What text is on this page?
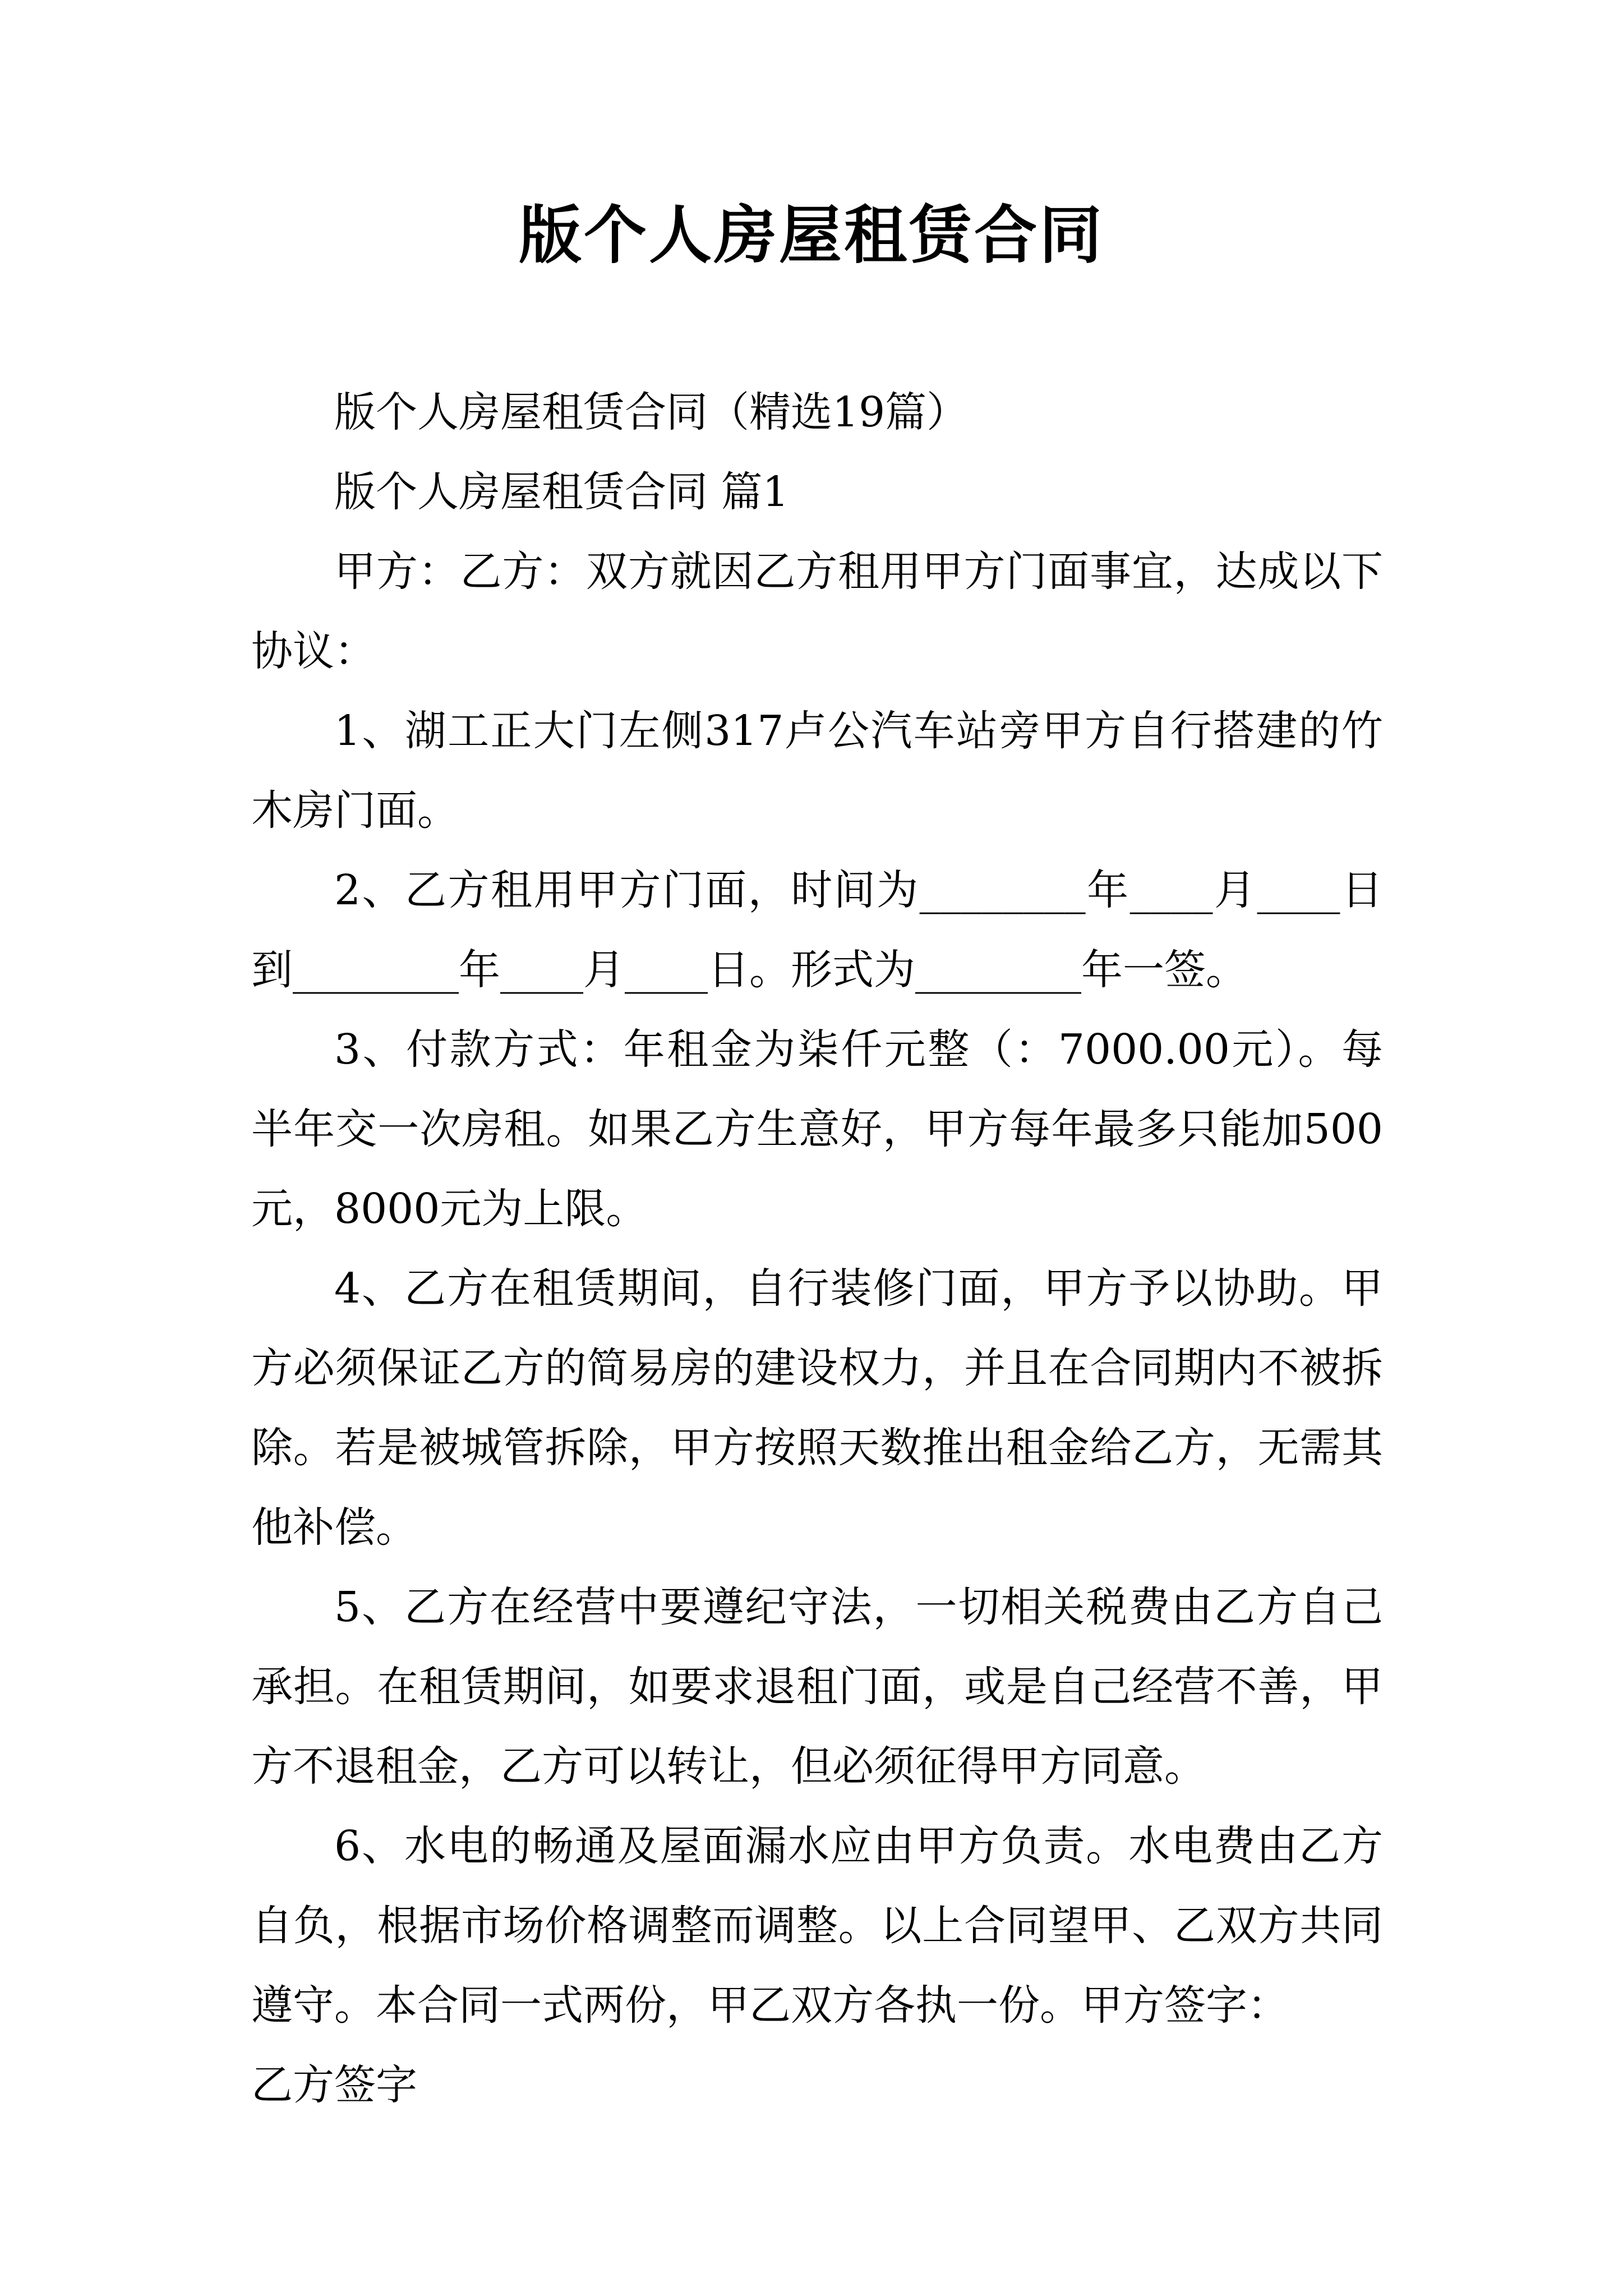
版个人房屋租赁合同

版个人房屋租赁合同（精选19篇）

版个人房屋租赁合同 篇1

甲方：乙方：双方就因乙方租用甲方门面事宜，达成以下协议：

1、湖工正大门左侧317卢公汽车站旁甲方自行搭建的竹木房门面。

2、乙方租用甲方门面，时间为________年____月____日到________年____月____日。形式为________年一签。

3、付款方式：年租金为柒仟元整（：7000.00元）。每半年交一次房租。如果乙方生意好，甲方每年最多只能加500元，8000元为上限。

4、乙方在租赁期间，自行装修门面，甲方予以协助。甲方必须保证乙方的简易房的建设权力，并且在合同期内不被拆除。若是被城管拆除，甲方按照天数推出租金给乙方，无需其他补偿。

5、乙方在经营中要遵纪守法，一切相关税费由乙方自己承担。在租赁期间，如要求退租门面，或是自己经营不善，甲方不退租金，乙方可以转让，但必须征得甲方同意。

6、水电的畅通及屋面漏水应由甲方负责。水电费由乙方自负，根据市场价格调整而调整。以上合同望甲、乙双方共同遵守。本合同一式两份，甲乙双方各执一份。甲方签字：

乙方签字
